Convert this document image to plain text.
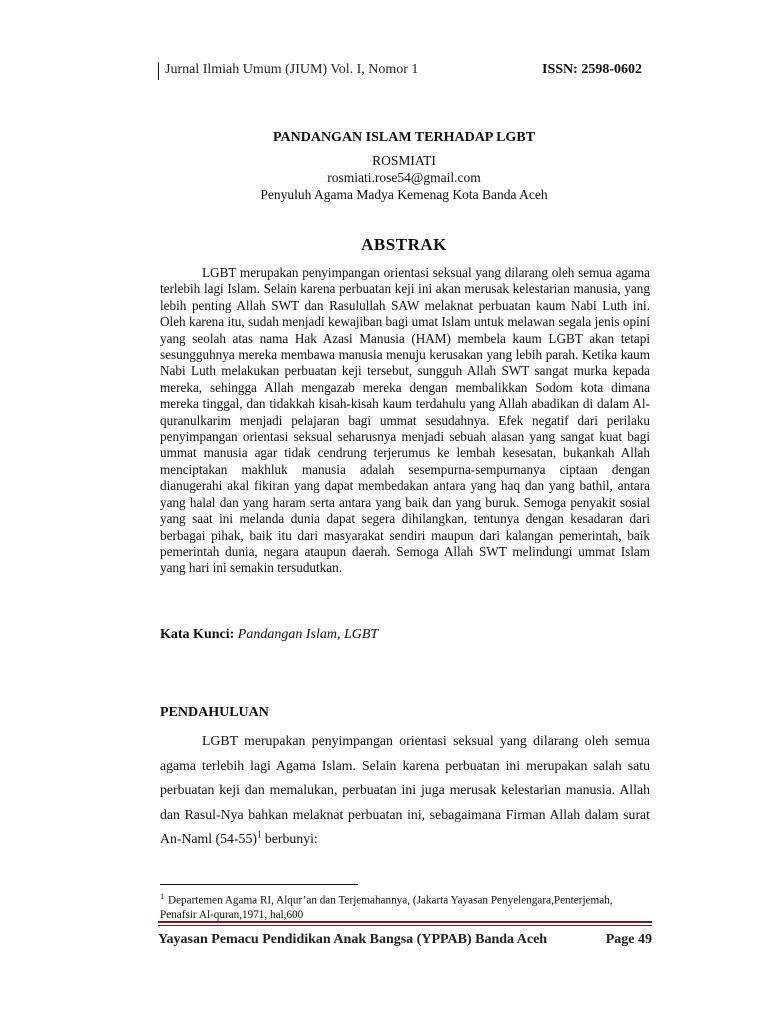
Jurnal Ilmiah Umum (JIUM) Vol. I, Nomor 1	ISSN: 2598-0602

PANDANGAN ISLAM TERHADAP LGBT

ROSMIATI

rosmiati.rose54@gmail.com

Penyuluh Agama Madya Kemenag Kota Banda Aceh

ABSTRAK

LGBT merupakan penyimpangan orientasi seksual yang dilarang oleh semua agama terlebih lagi Islam. Selain karena perbuatan keji ini akan merusak kelestarian manusia, yang lebih penting Allah SWT dan Rasulullah SAW melaknat perbuatan kaum Nabi Luth ini. Oleh karena itu, sudah menjadi kewajiban bagi umat Islam untuk melawan segala jenis opini yang seolah atas nama Hak Azasi Manusia (HAM) membela kaum LGBT akan tetapi sesungguhnya mereka membawa manusia menuju kerusakan yang lebih parah. Ketika kaum Nabi Luth melakukan perbuatan keji tersebut, sungguh Allah SWT sangat murka kepada mereka, sehingga Allah mengazab mereka dengan membalikkan Sodom kota dimana mereka tinggal, dan tidakkah kisah-kisah kaum terdahulu yang Allah abadikan di dalam Al-quranulkarim menjadi pelajaran bagi ummat sesudahnya. Efek negatif dari perilaku penyimpangan orientasi seksual seharusnya menjadi sebuah alasan yang sangat kuat bagi ummat manusia agar tidak cendrung terjerumus ke lembah kesesatan, bukankah Allah menciptakan makhluk manusia adalah sesempurna-sempurnanya ciptaan dengan dianugerahi akal fikiran yang dapat membedakan antara yang haq dan yang bathil, antara yang halal dan yang haram serta antara yang baik dan yang buruk. Semoga penyakit sosial yang saat ini melanda dunia dapat segera dihilangkan, tentunya dengan kesadaran dari berbagai pihak, baik itu dari masyarakat sendiri maupun dari kalangan pemerintah, baik pemerintah dunia, negara ataupun daerah. Semoga Allah SWT melindungi ummat Islam yang hari ini semakin tersudutkan.

Kata Kunci: Pandangan Islam, LGBT
PENDAHULUAN

LGBT merupakan penyimpangan orientasi seksual yang dilarang oleh semua agama terlebih lagi Agama Islam. Selain karena perbuatan ini merupakan salah satu perbuatan keji dan memalukan, perbuatan ini juga merusak kelestarian manusia. Allah dan Rasul-Nya bahkan melaknat perbuatan ini, sebagaimana Firman Allah dalam surat An-Naml $(54-55)^1$ berbunyi:

$^1$ Departemen Agama RI, Alqur’an dan Terjemahannya, (Jakarta Yayasan Penyelengara,Penterjemah, Penafsir Al-quran,1971, hal,600
Yayasan Pemacu Pendidikan Anak Bangsa (YPPAB) Banda Aceh	Page 49
